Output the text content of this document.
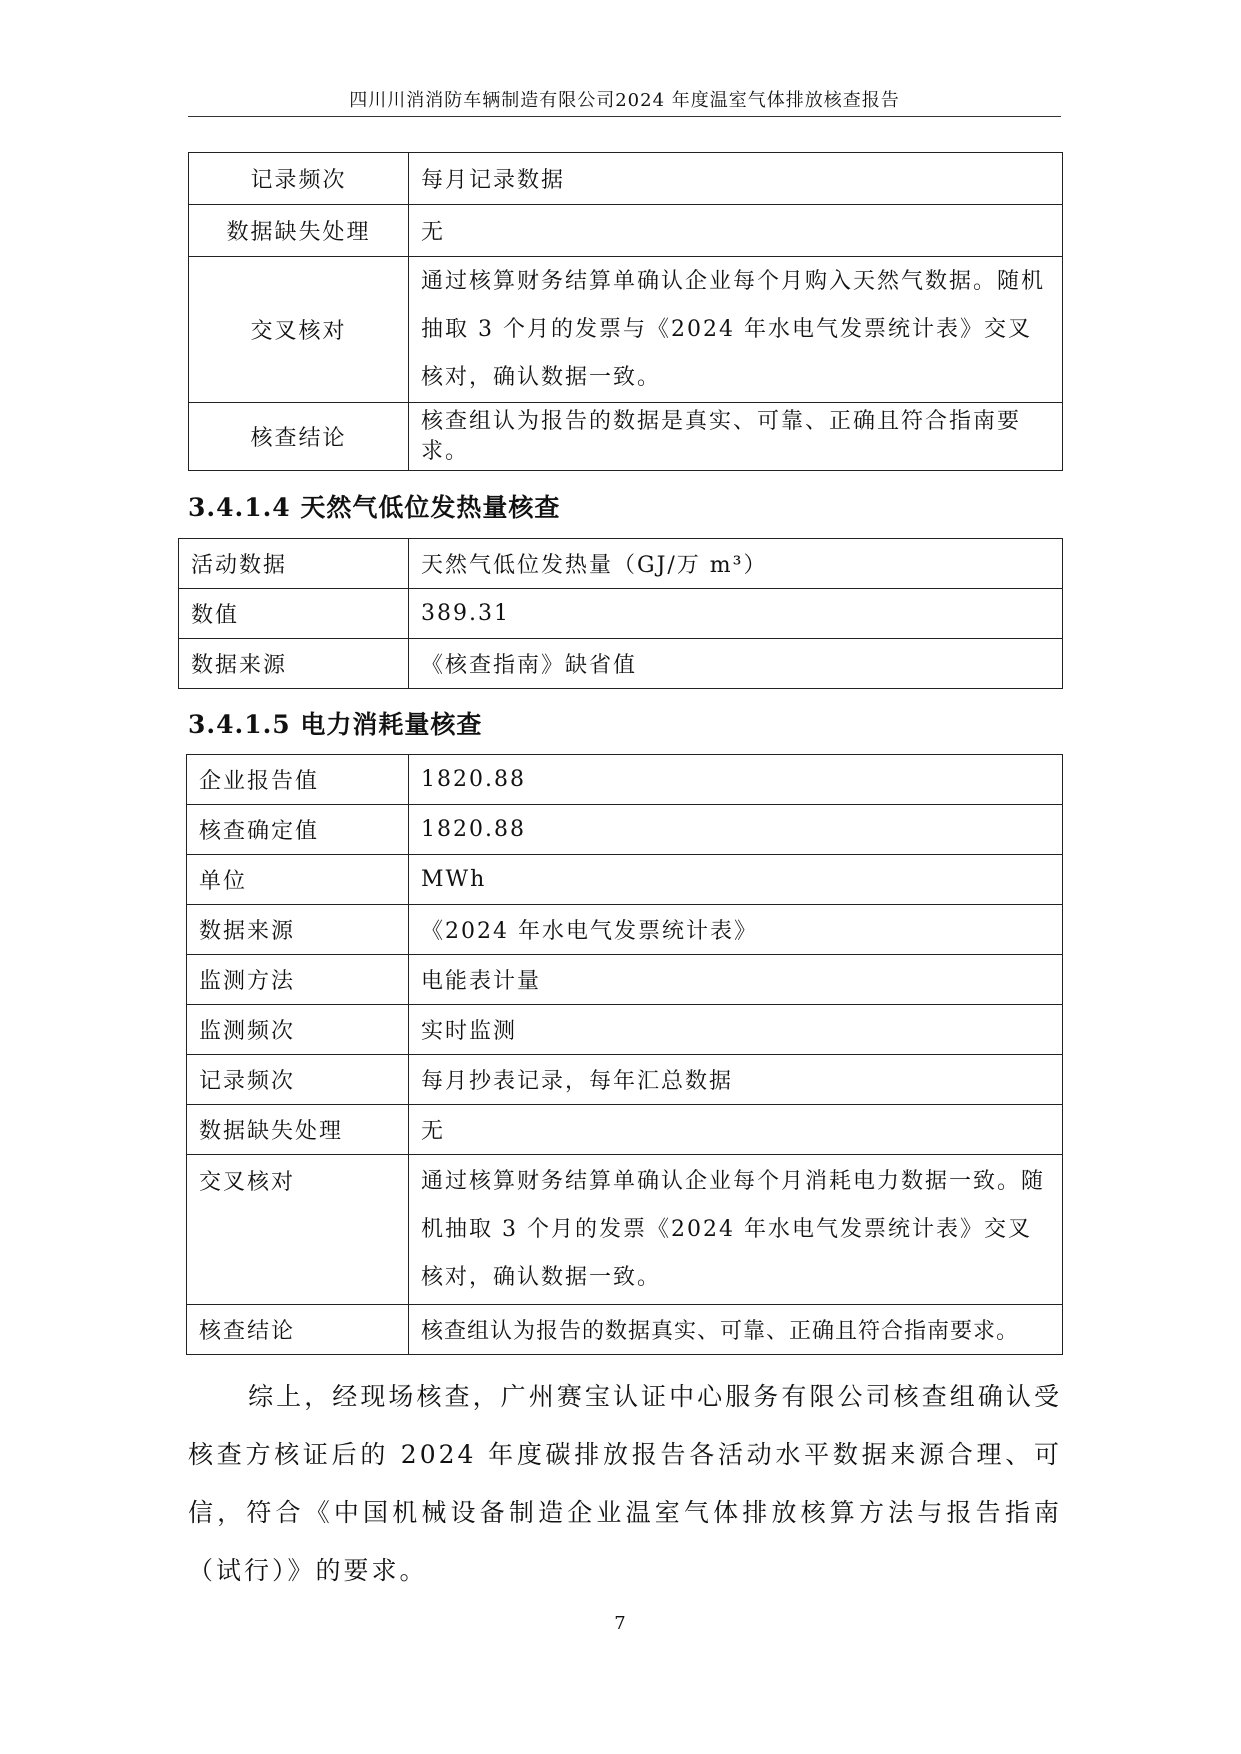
四川川消消防车辆制造有限公司2024 年度温室气体排放核查报告
记录频次	每月记录数据
数据缺失处理	无
交叉核对	通过核算财务结算单确认企业每个月购入天然气数据。随机抽取 3 个月的发票与《2024 年水电气发票统计表》交叉核对，确认数据一致。
核查结论	核查组认为报告的数据是真实、可靠、正确且符合指南要求。
3.4.1.4 天然气低位发热量核查
活动数据	天然气低位发热量（GJ/万 m³）
数值	389.31
数据来源	《核查指南》缺省值
3.4.1.5 电力消耗量核查
企业报告值	1820.88
核查确定值	1820.88
单位	MWh
数据来源	《2024 年水电气发票统计表》
监测方法	电能表计量
监测频次	实时监测
记录频次	每月抄表记录，每年汇总数据
数据缺失处理	无
交叉核对	通过核算财务结算单确认企业每个月消耗电力数据一致。随机抽取 3 个月的发票《2024 年水电气发票统计表》交叉核对，确认数据一致。
核查结论	核查组认为报告的数据真实、可靠、正确且符合指南要求。
综上，经现场核查，广州赛宝认证中心服务有限公司核查组确认受核查方核证后的 2024 年度碳排放报告各活动水平数据来源合理、可信，符合《中国机械设备制造企业温室气体排放核算方法与报告指南（试行）》的要求。
7
